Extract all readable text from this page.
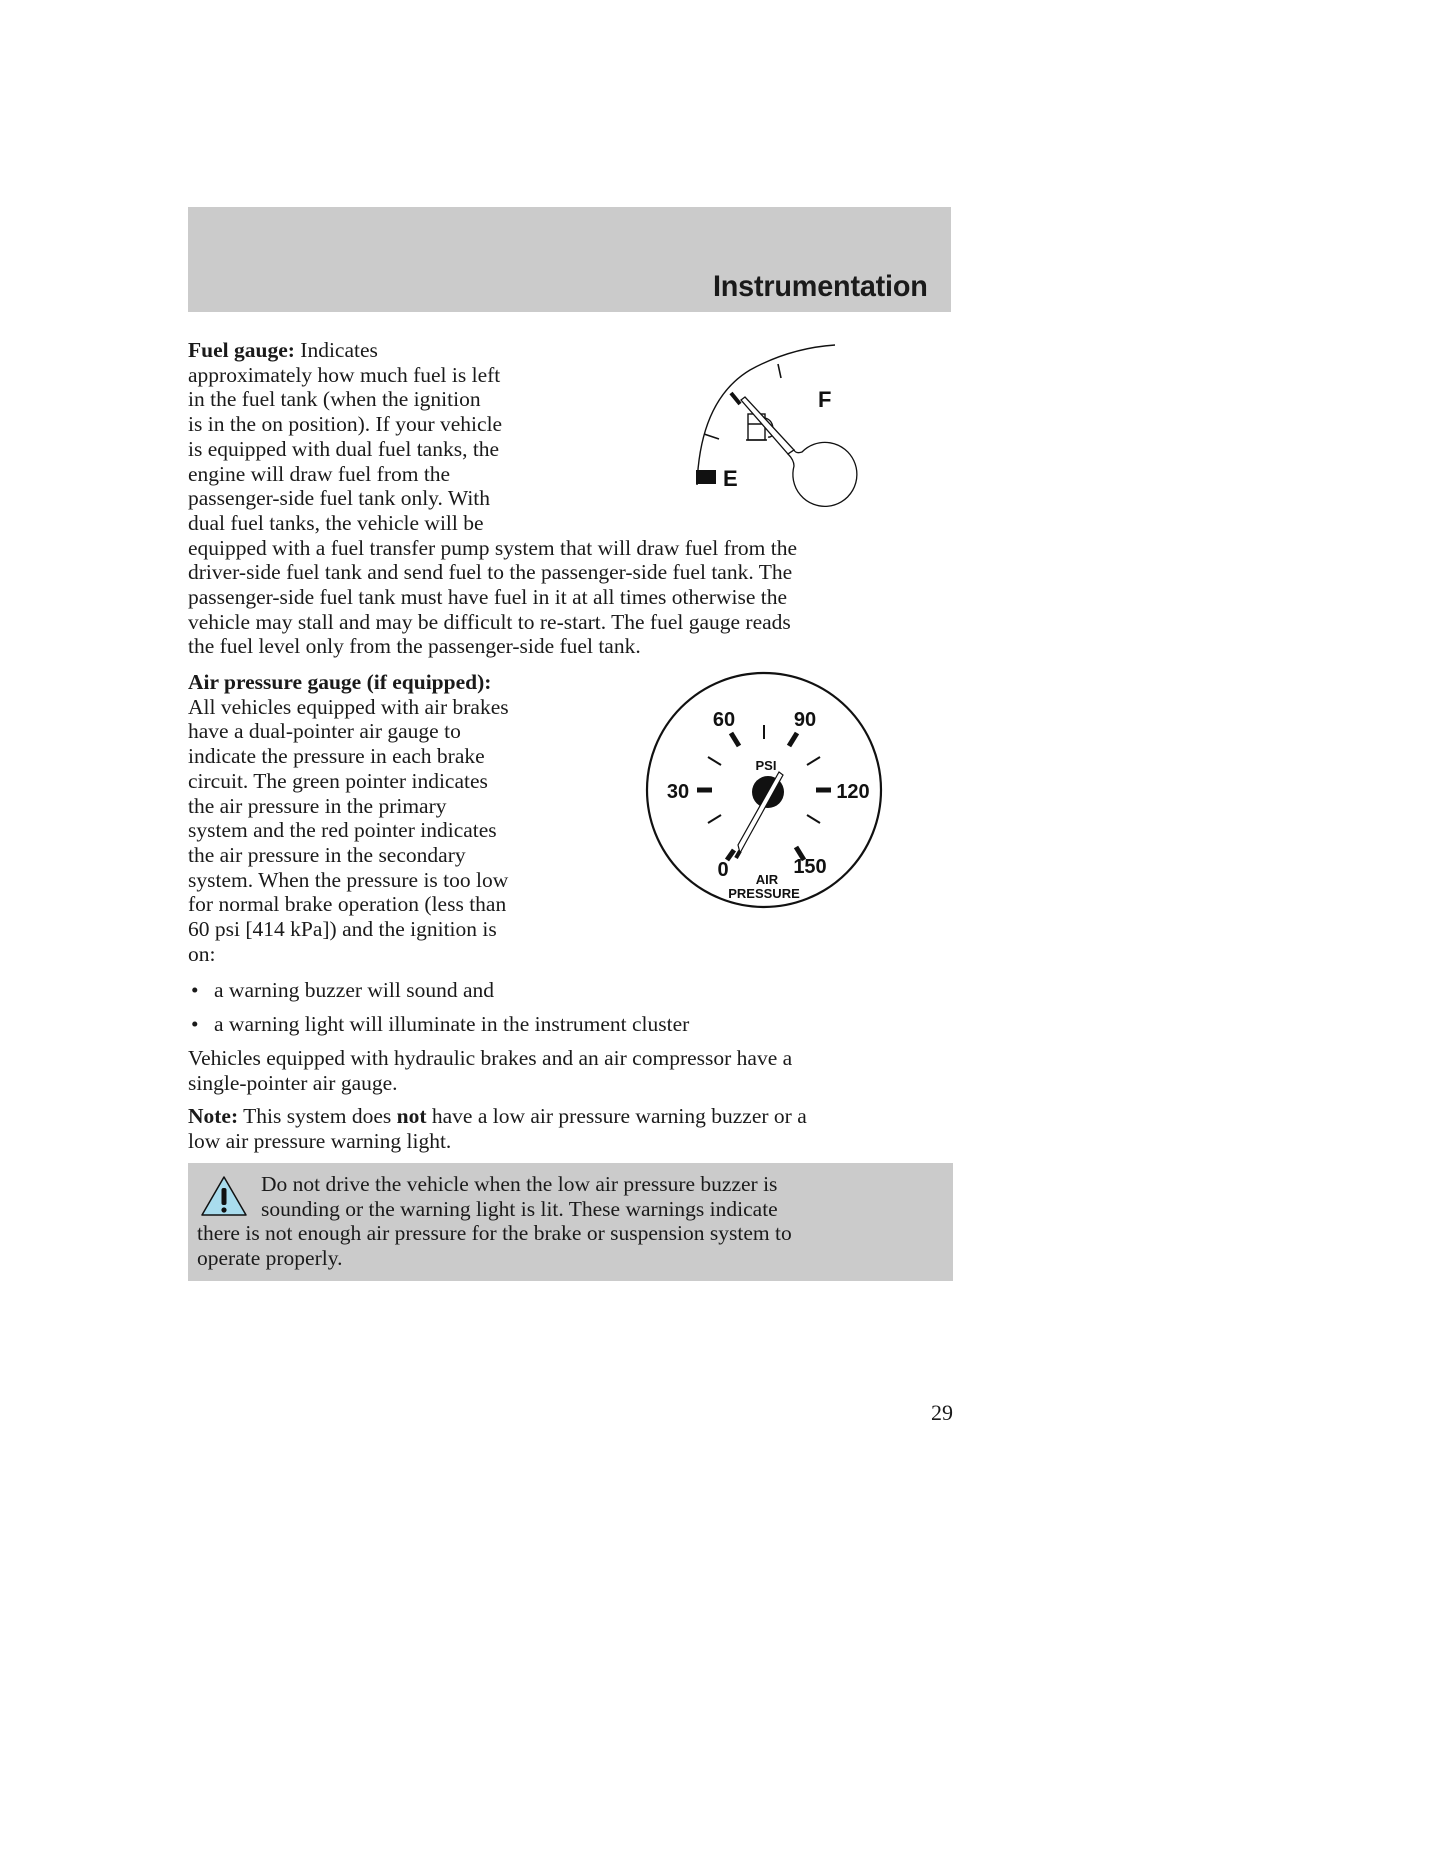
Instrumentation
Fuel gauge: Indicates
approximately how much fuel is left
in the fuel tank (when the ignition
is in the on position). If your vehicle
is equipped with dual fuel tanks, the
engine will draw fuel from the
passenger-side fuel tank only. With
dual fuel tanks, the vehicle will be
equipped with a fuel transfer pump system that will draw fuel from the
driver-side fuel tank and send fuel to the passenger-side fuel tank. The
passenger-side fuel tank must have fuel in it at all times otherwise the
vehicle may stall and may be difficult to re-start. The fuel gauge reads
the fuel level only from the passenger-side fuel tank.
E
F
Air pressure gauge (if equipped):
All vehicles equipped with air brakes
have a dual-pointer air gauge to
indicate the pressure in each brake
circuit. The green pointer indicates
the air pressure in the primary
system and the red pointer indicates
the air pressure in the secondary
system. When the pressure is too low
for normal brake operation (less than
60 psi [414 kPa]) and the ignition is
on:
60	90
30	120
0	150
PSI
AIR
PRESSURE
• a warning buzzer will sound and
• a warning light will illuminate in the instrument cluster
Vehicles equipped with hydraulic brakes and an air compressor have a
single-pointer air gauge.
Note: This system does not have a low air pressure warning buzzer or a
low air pressure warning light.
Do not drive the vehicle when the low air pressure buzzer is
sounding or the warning light is lit. These warnings indicate
there is not enough air pressure for the brake or suspension system to
operate properly.
29
